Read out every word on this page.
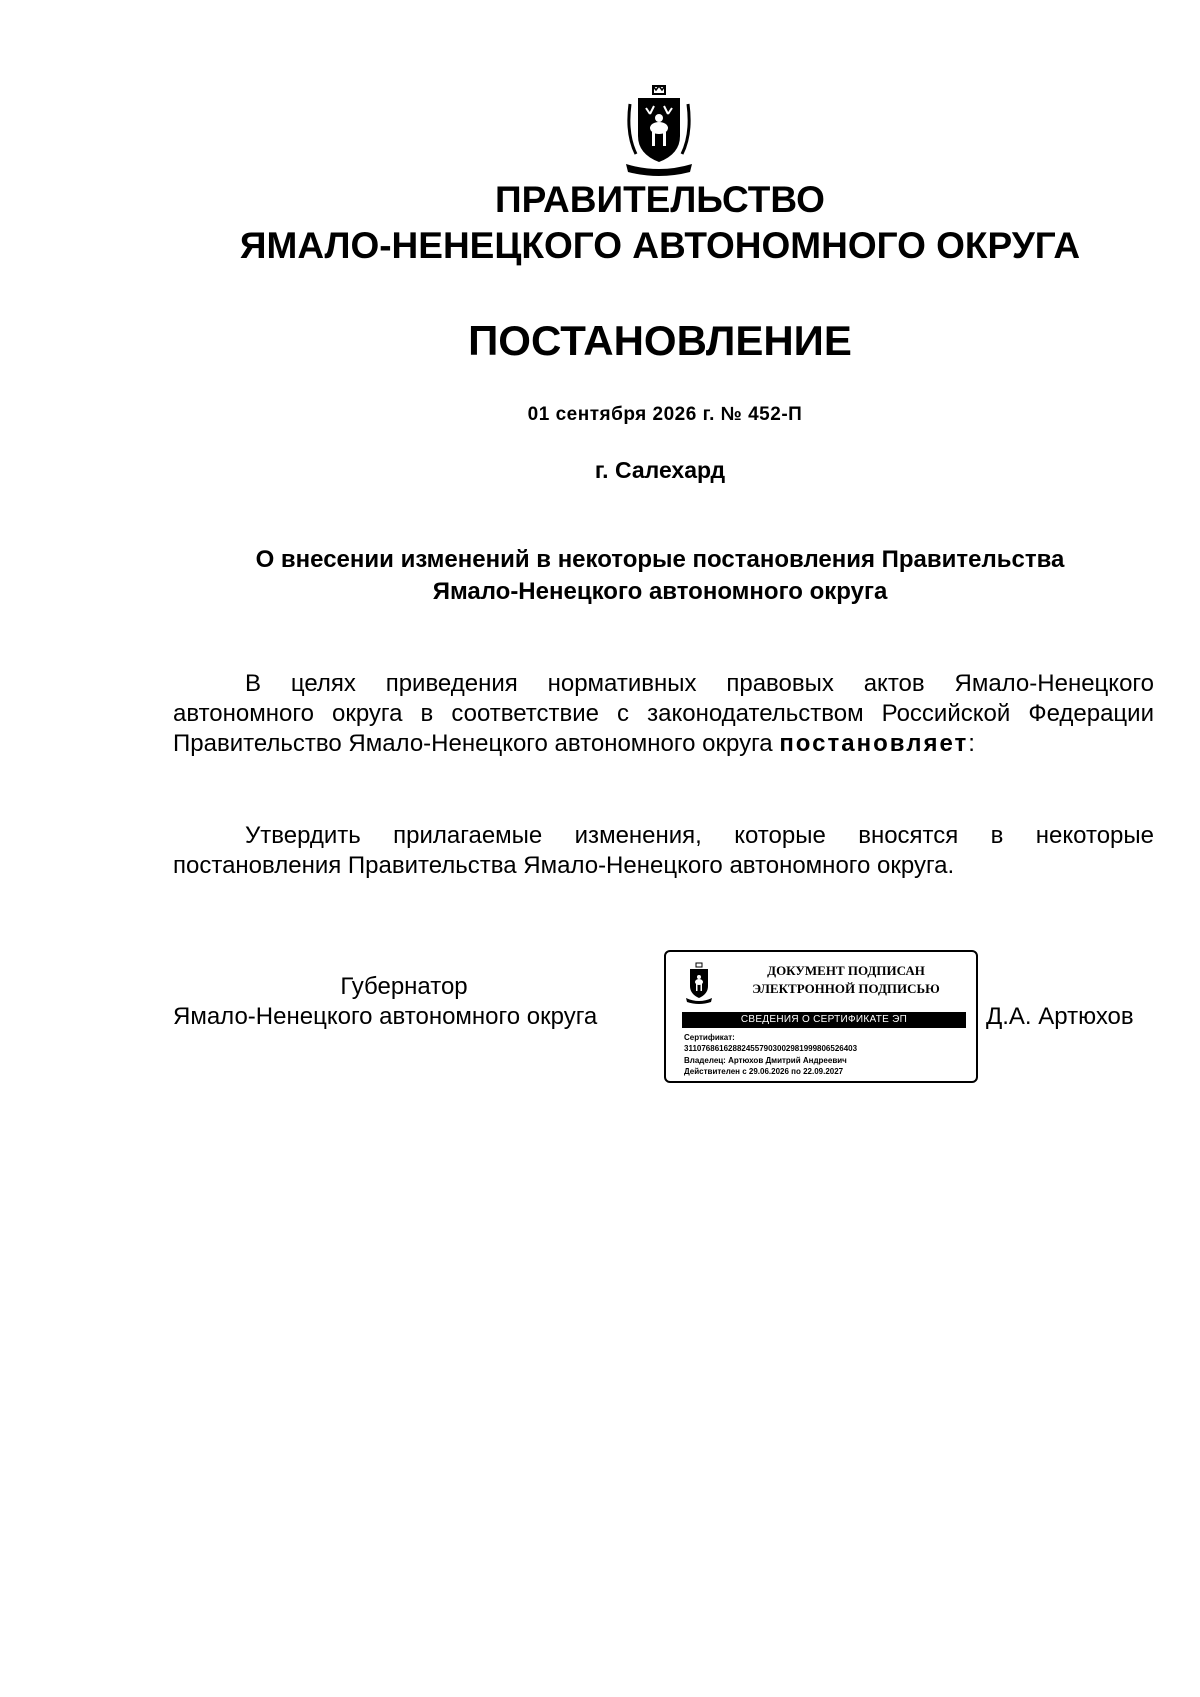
ПРАВИТЕЛЬСТВО
ЯМАЛО-НЕНЕЦКОГО АВТОНОМНОГО ОКРУГА
ПОСТАНОВЛЕНИЕ
01 сентября 2026 г. № 452-П
г. Салехард
О внесении изменений в некоторые постановления Правительства
Ямало-Ненецкого автономного округа
В целях приведения нормативных правовых актов Ямало-Ненецкого автономного округа в соответствие с законодательством Российской Федерации Правительство Ямало-Ненецкого автономного округа постановляет:
Утвердить прилагаемые изменения, которые вносятся в некоторые постановления Правительства Ямало-Ненецкого автономного округа.
Губернатор
Ямало-Ненецкого автономного округа
ДОКУМЕНТ ПОДПИСАН
ЭЛЕКТРОННОЙ ПОДПИСЬЮ
СВЕДЕНИЯ О СЕРТИФИКАТЕ ЭП
Сертификат:
311076861628824557903002981999806526403
Владелец: Артюхов Дмитрий Андреевич
Действителен с 29.06.2026 по 22.09.2027
Д.А. Артюхов
